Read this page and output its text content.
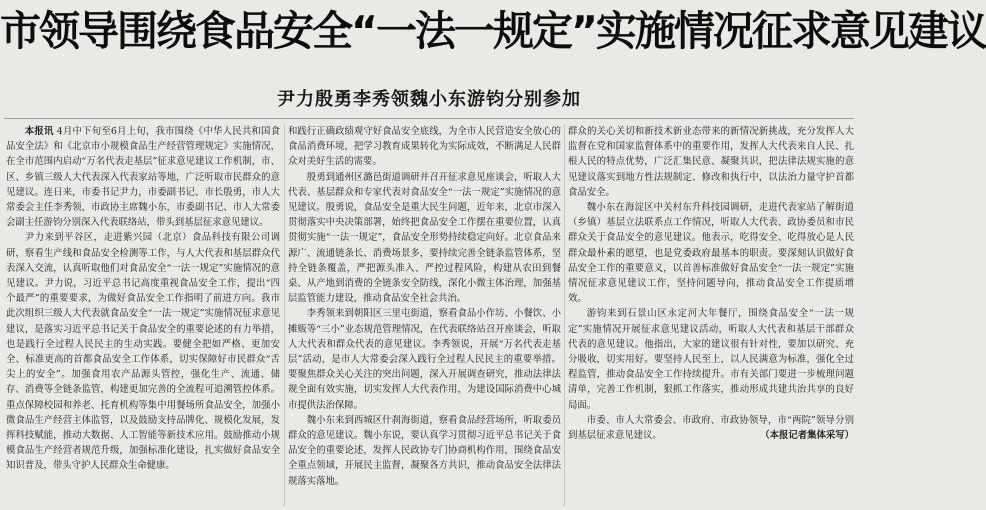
市领导围绕食品安全“一法一规定”实施情况征求意见建议
尹力殷勇李秀领魏小东游钧分别参加

本报讯 4月中下旬至6月上旬，我市围绕《中华人民共和国食品安全法》和《北京市小规模食品生产经营管理规定》实施情况，在全市范围内启动“万名代表走基层”征求意见建议工作机制，市、区、乡镇三级人大代表深入代表家站等地，广泛听取市民群众的意见建议。连日来，市委书记尹力，市委副书记、市长殷勇，市人大常委会主任李秀领，市政协主席魏小东，市委副书记、市人大常委会副主任游钧分别深入代表联络站，带头到基层征求意见建议。

尹力来到平谷区，走进紫兴园（北京）食品科技有限公司调研，察看生产线和食品安全检测等工作，与人大代表和基层群众代表深入交流，认真听取他们对食品安全“一法一规定”实施情况的意见建议。尹力说，习近平总书记高度重视食品安全工作，提出“四个最严”的重要要求，为做好食品安全工作指明了前进方向。我市此次组织三级人大代表就食品安全“一法一规定”实施情况征求意见建议，是落实习近平总书记关于食品安全的重要论述的有力举措，也是践行全过程人民民主的生动实践。要健全把如严格、更加安全、标准更高的首都食品安全工作体系，切实保障好市民群众“舌尖上的安全”。加强食用农产品源头管控，强化生产、流通、储存、消费等全链条监管，构建更加完善的全流程可追溯管控体系。重点保障校园和养老、托育机构等集中用餐场所食品安全，加强小微食品生产经营主体监管，以及鼓励支持品牌化、规模化发展，发挥科技赋能，推动大数据、人工智能等新技术应用。鼓励推动小规模食品生产经营者规范升级，加强标准化建设，扎实做好食品安全知识普及，带头守护人民群众生命健康。

和践行正确政绩观守好食品安全底线，为全市人民营造安全放心的食品消费环境，把学习教育成果转化为实际成效，不断满足人民群众对美好生活的需要。

殷勇到通州区潞邑街道调研并召开征求意见座谈会，听取人大代表、基层群众和专家代表对食品安全“一法一规定”实施情况的意见建议。殷勇说，食品安全是重大民生问题，近年来，北京市深入贯彻落实中央决策部署，始终把食品安全工作摆在重要位置，认真贯彻实施“一法一规定”，食品安全形势持续稳定向好。北京食品来源广、流通链条长、消费场景多，要持续完善全链条监管体系，坚持全链条覆盖，严把源头准入、严控过程风险，构建从农田到餐桌、从产地到消费的全链条安全防线，深化小微主体治理，加强基层监管能力建设，推动食品安全社会共治。

李秀领来到朝阳区三里屯街道，察看食品小作坊、小餐饮、小摊贩等“三小”业态规范管理情况，在代表联络站召开座谈会，听取人大代表和群众代表的意见建议。李秀领说，开展“万名代表走基层”活动，是市人大常委会深入践行全过程人民民主的重要举措。要聚焦群众关心关注的突出问题，深入开展调查研究，推动法律法规全面有效实施，切实发挥人大代表作用，为建设国际消费中心城市提供法治保障。

魏小东来到西城区什刹海街道，察看食品经营场所，听取委员群众的意见建议。魏小东说，要认真学习贯彻习近平总书记关于食品安全的重要论述，发挥人民政协专门协商机构作用，围绕食品安全重点领域，开展民主监督，凝聚各方共识，推动食品安全法律法规落实落地。

群众的关心关切和新技术新业态带来的新情况新挑战，充分发挥人大监督在党和国家监督体系中的重要作用，发挥人大代表来自人民、扎根人民的特点优势，广泛汇集民意、凝聚共识，把法律法规实施的意见建议落实到地方性法规制定、修改和执行中，以法治力量守护首都食品安全。

魏小东在海淀区中关村东升科技园调研，走进代表家站了解街道（乡镇）基层立法联系点工作情况，听取人大代表、政协委员和市民群众关于食品安全的意见建议。他表示，吃得安全、吃得放心是人民群众最朴素的愿望，也是党委政府最基本的职责。要深刻认识做好食品安全工作的重要意义，以首善标准做好食品安全“一法一规定”实施情况征求意见建议工作，坚持问题导向，推动食品安全工作提质增效。

游钧来到石景山区永定河大年餐厅，围绕食品安全“一法一规定”实施情况开展征求意见建议活动，听取人大代表和基层干部群众代表的意见建议。他指出，大家的建议很有针对性，要加以研究、充分吸收，切实用好。要坚持人民至上，以人民满意为标准，强化全过程监管，推动食品安全工作持续提升。市有关部门要进一步梳理问题清单，完善工作机制，狠抓工作落实，推动形成共建共治共享的良好局面。

市委、市人大常委会、市政府、市政协领导，市“两院”领导分别到基层征求意见建议。	（本报记者集体采写）
